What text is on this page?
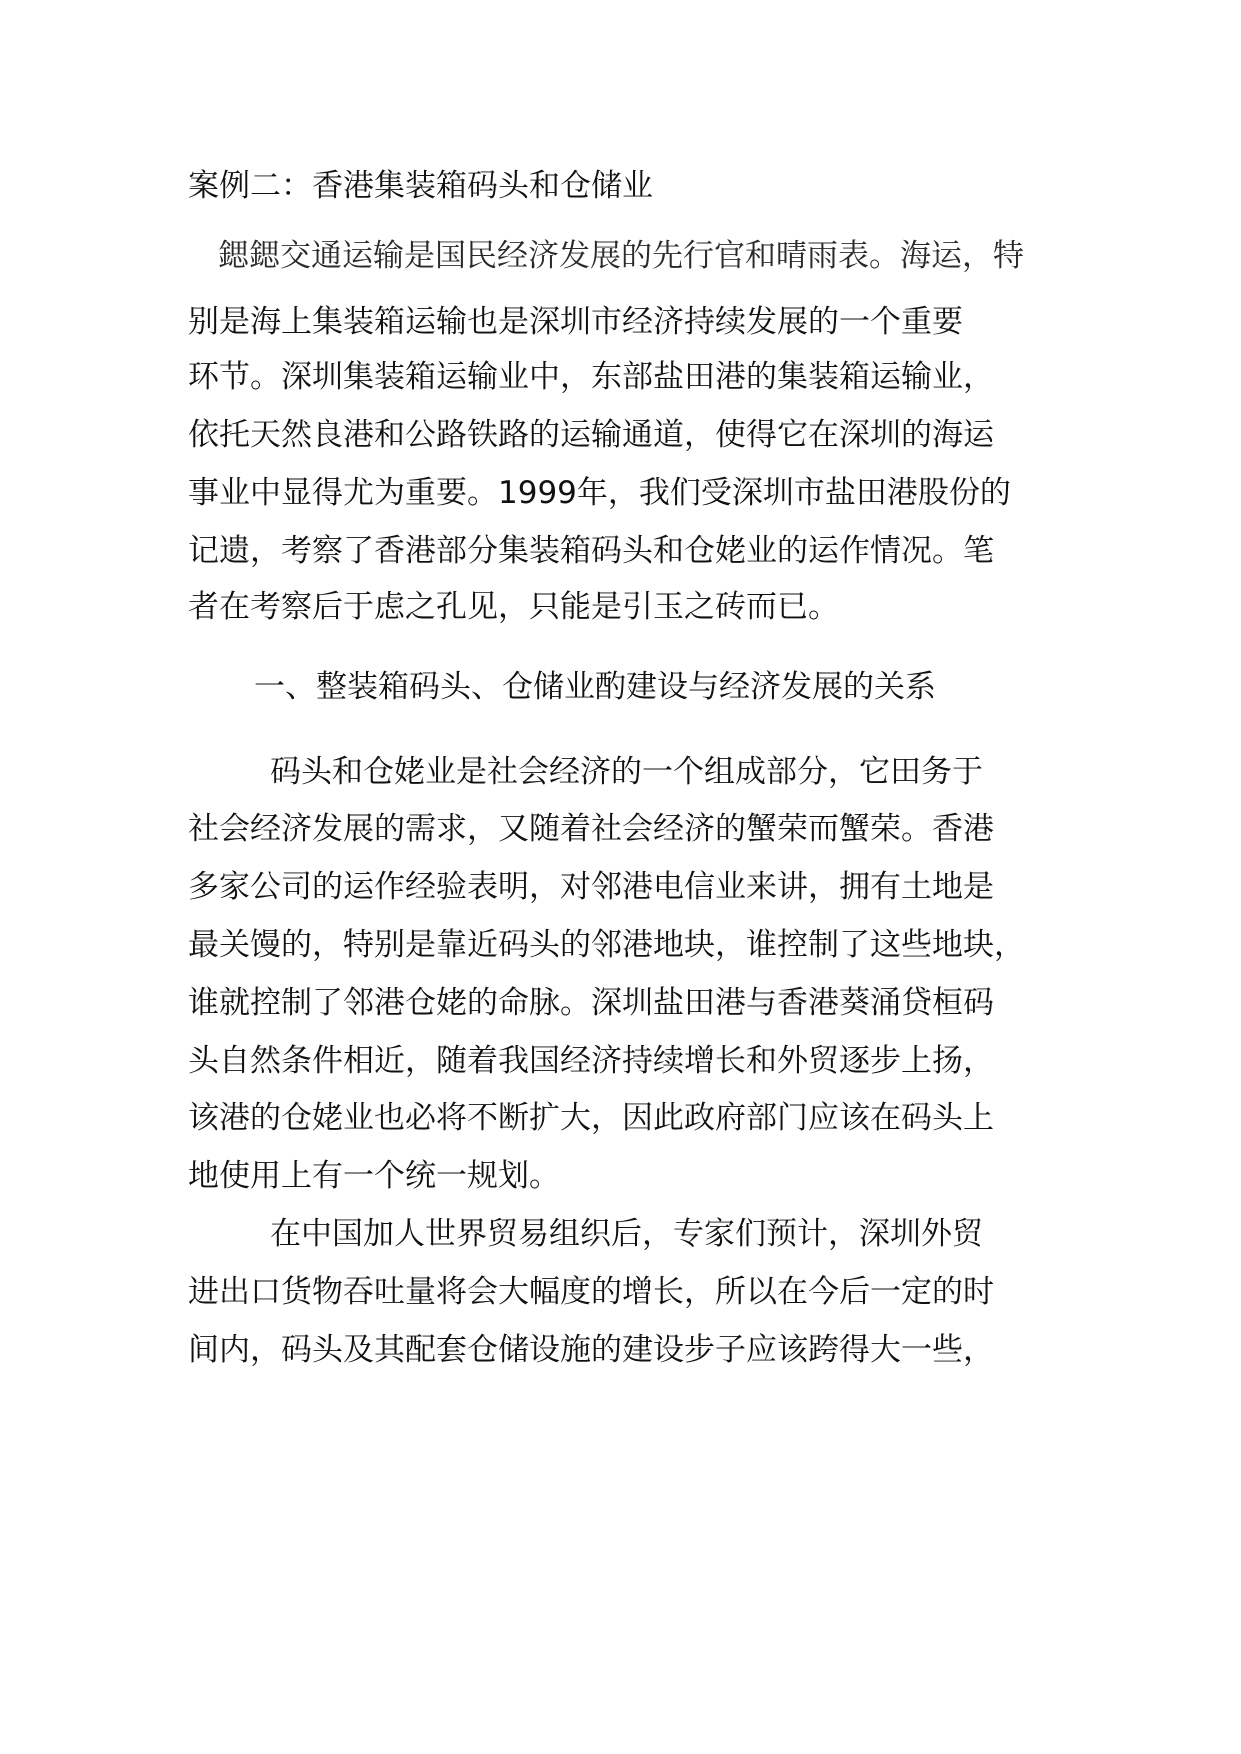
案例二：香港集装箱码头和仓储业
鍶鍶交通运输是国民经济发展的先行官和晴雨表。海运，特
别是海上集装箱运输也是深圳市经济持续发展的一个重要
环节。深圳集装箱运输业中，东部盐田港的集装箱运输业，
依托天然良港和公路铁路的运输通道，使得它在深圳的海运
事业中显得尤为重要。1999年，我们受深圳市盐田港股份的
记遗，考察了香港部分集装箱码头和仓姥业的运作情况。笔
者在考察后于虑之孔见，只能是引玉之砖而已。
一、整装箱码头、仓储业酌建设与经济发展的关系
码头和仓姥业是社会经济的一个组成部分，它田务于
社会经济发展的需求，又随着社会经济的蟹荣而蟹荣。香港
多家公司的运作经验表明，对邻港电信业来讲，拥有土地是
最关馒的，特别是靠近码头的邻港地块，谁控制了这些地块，
谁就控制了邻港仓姥的命脉。深圳盐田港与香港葵涌贷桓码
头自然条件相近，随着我国经济持续增长和外贸逐步上扬，
该港的仓姥业也必将不断扩大，因此政府部门应该在码头上
地使用上有一个统一规划。
在中国加人世界贸易组织后，专家们预计，深圳外贸
进出口货物吞吐量将会大幅度的增长，所以在今后一定的时
间内，码头及其配套仓储设施的建设步子应该跨得大一些，
